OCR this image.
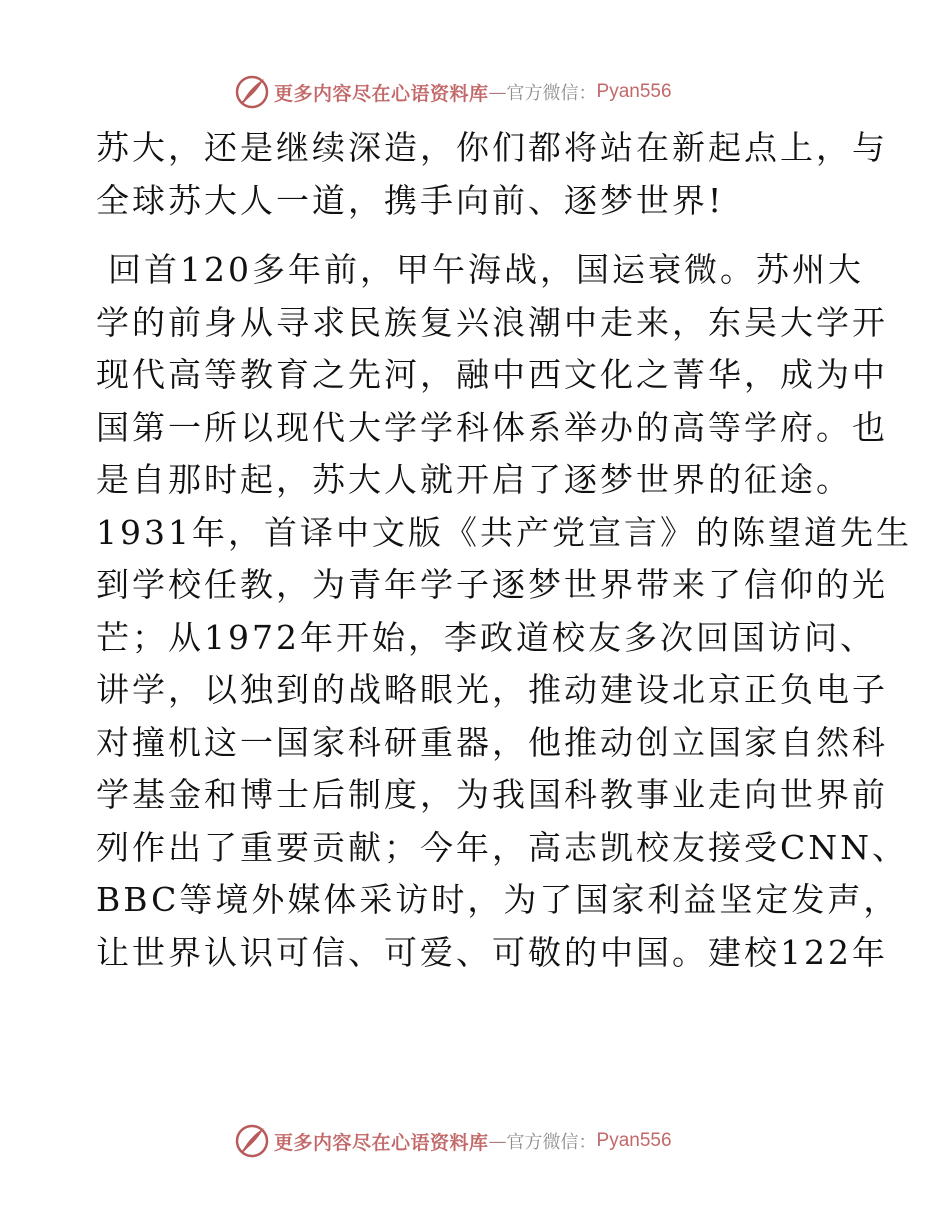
更多内容尽在心语资料库 — 官方微信： Pyan556
苏大，还是继续深造，你们都将站在新起点上，与
全球苏大人一道，携手向前、逐梦世界!
回首120多年前，甲午海战，国运衰微。苏州大
学的前身从寻求民族复兴浪潮中走来，东吴大学开
现代高等教育之先河，融中西文化之菁华，成为中
国第一所以现代大学学科体系举办的高等学府。也
是自那时起，苏大人就开启了逐梦世界的征途。
1931年，首译中文版《共产党宣言》的陈望道先生
到学校任教，为青年学子逐梦世界带来了信仰的光
芒；从1972年开始，李政道校友多次回国访问、
讲学，以独到的战略眼光，推动建设北京正负电子
对撞机这一国家科研重器，他推动创立国家自然科
学基金和博士后制度，为我国科教事业走向世界前
列作出了重要贡献；今年，高志凯校友接受CNN、
BBC等境外媒体采访时，为了国家利益坚定发声，
让世界认识可信、可爱、可敬的中国。建校122年
更多内容尽在心语资料库 — 官方微信： Pyan556
